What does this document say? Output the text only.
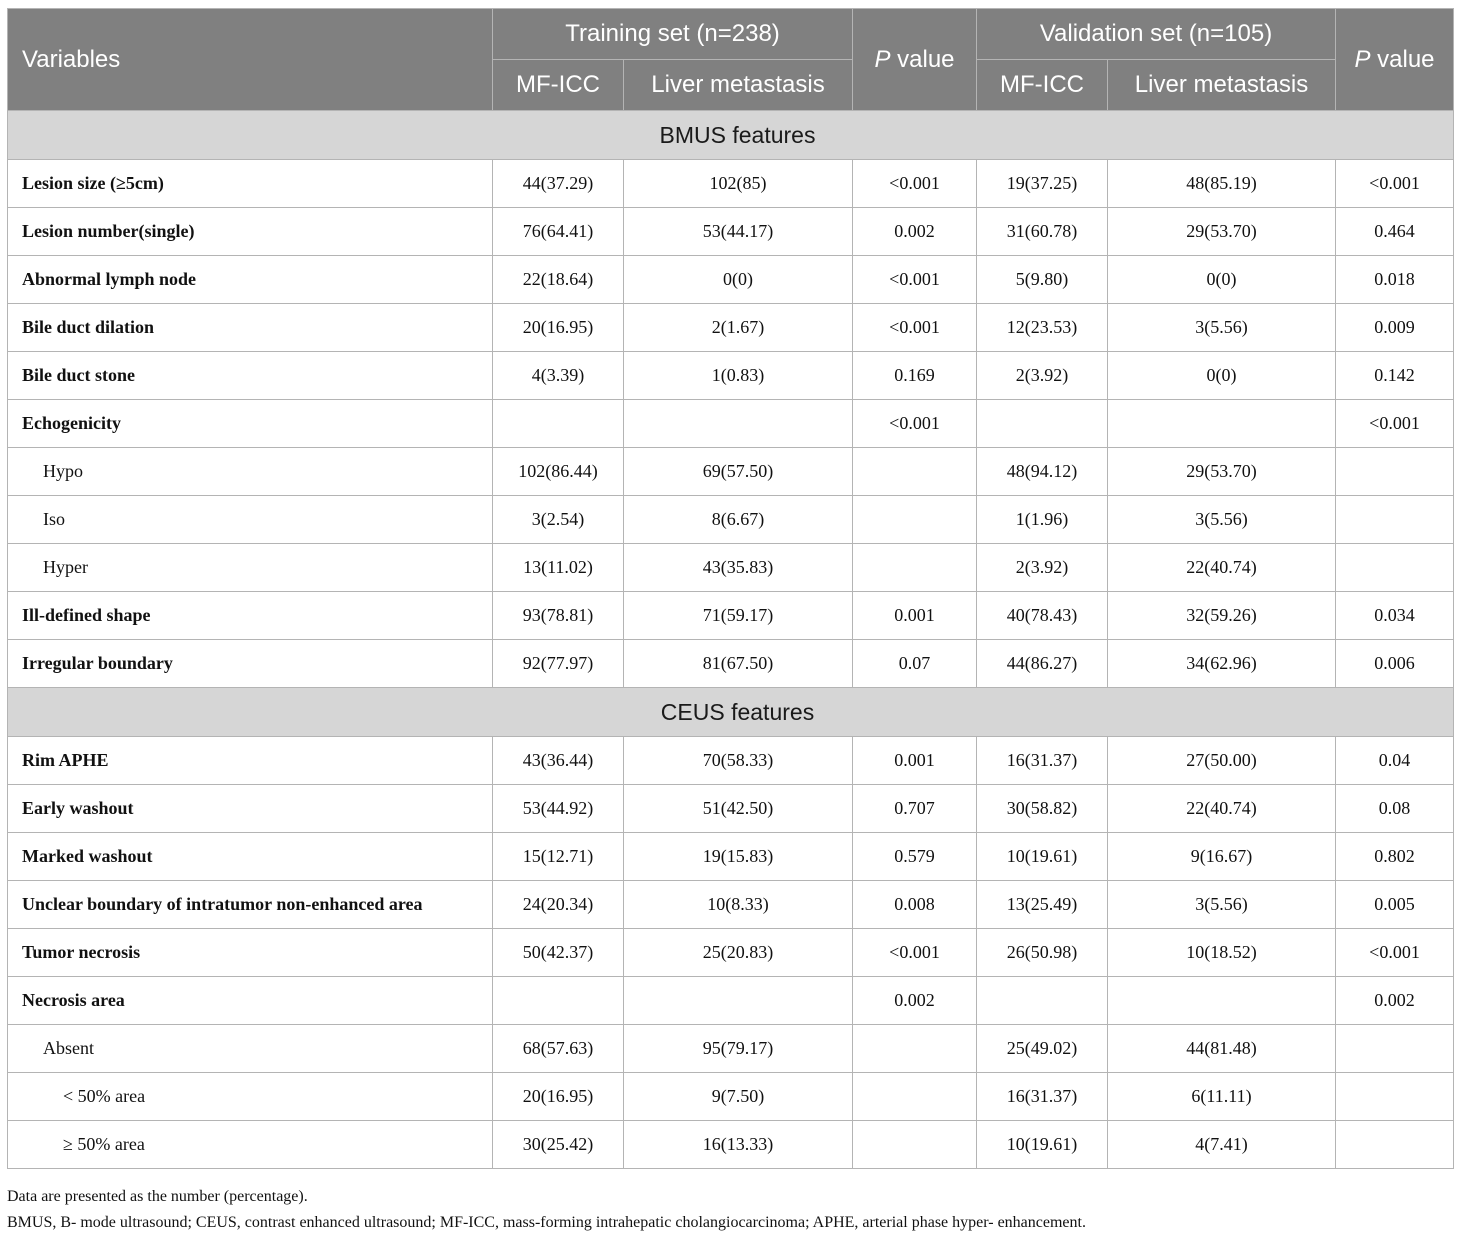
Variables	Training set (n=238)		P value	Validation set (n=105)		P value
	MF-ICC	Liver metastasis		MF-ICC	Liver metastasis	
BMUS features						
Lesion size (≥5cm)	44(37.29)	102(85)	<0.001	19(37.25)	48(85.19)	<0.001
Lesion number(single)	76(64.41)	53(44.17)	0.002	31(60.78)	29(53.70)	0.464
Abnormal lymph node	22(18.64)	0(0)	<0.001	5(9.80)	0(0)	0.018
Bile duct dilation	20(16.95)	2(1.67)	<0.001	12(23.53)	3(5.56)	0.009
Bile duct stone	4(3.39)	1(0.83)	0.169	2(3.92)	0(0)	0.142
Echogenicity			<0.001			<0.001
Hypo	102(86.44)	69(57.50)		48(94.12)	29(53.70)	
Iso	3(2.54)	8(6.67)		1(1.96)	3(5.56)	
Hyper	13(11.02)	43(35.83)		2(3.92)	22(40.74)	
Ill-defined shape	93(78.81)	71(59.17)	0.001	40(78.43)	32(59.26)	0.034
Irregular boundary	92(77.97)	81(67.50)	0.07	44(86.27)	34(62.96)	0.006
CEUS features						
Rim APHE	43(36.44)	70(58.33)	0.001	16(31.37)	27(50.00)	0.04
Early washout	53(44.92)	51(42.50)	0.707	30(58.82)	22(40.74)	0.08
Marked washout	15(12.71)	19(15.83)	0.579	10(19.61)	9(16.67)	0.802
Unclear boundary of intratumor non-enhanced area	24(20.34)	10(8.33)	0.008	13(25.49)	3(5.56)	0.005
Tumor necrosis	50(42.37)	25(20.83)	<0.001	26(50.98)	10(18.52)	<0.001
Necrosis area			0.002			0.002
Absent	68(57.63)	95(79.17)		25(49.02)	44(81.48)	
< 50% area	20(16.95)	9(7.50)		16(31.37)	6(11.11)	
≥ 50% area	30(25.42)	16(13.33)		10(19.61)	4(7.41)	
Data are presented as the number (percentage).
BMUS, B- mode ultrasound; CEUS, contrast enhanced ultrasound; MF-ICC, mass-forming intrahepatic cholangiocarcinoma; APHE, arterial phase hyper- enhancement.
